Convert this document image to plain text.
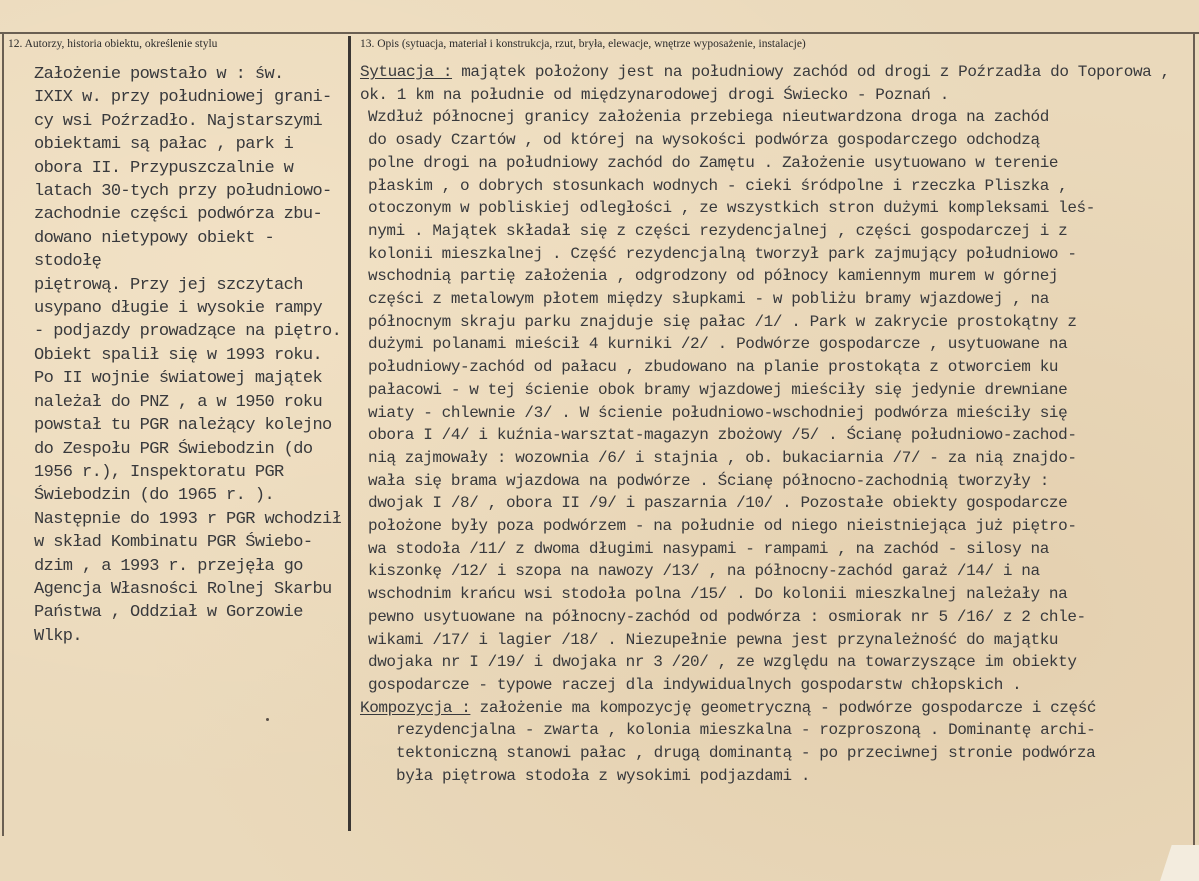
12. Autorzy, historia obiektu, określenie stylu	13. Opis (sytuacja, materiał i konstrukcja, rzut, bryła, elewacje, wnętrze wyposażenie, instalacje)
Założenie powstało w : św.
IXIX w. przy południowej grani-
cy wsi Poźrzadło. Najstarszymi
obiektami są pałac , park i
obora II. Przypuszczalnie w
latach 30-tych przy południowo-
zachodnie części podwórza zbu-
dowano nietypowy obiekt - stodołę
piętrową. Przy jej szczytach
usypano długie i wysokie rampy
- podjazdy prowadzące na piętro.
Obiekt spalił się w 1993 roku.
Po II wojnie światowej majątek
należał do PNZ , a w 1950 roku
powstał tu PGR należący kolejno
do Zespołu PGR Świebodzin (do
1956 r.), Inspektoratu PGR
Świebodzin (do 1965 r. ).
Następnie do 1993 r PGR wchodził
w skład Kombinatu PGR Świebo-
dzim , a 1993 r. przejęła go
Agencja Własności Rolnej Skarbu
Państwa , Oddział w Gorzowie
Wlkp.
Sytuacja : majątek położony jest na południowy zachód od drogi z Poźrzadła do Toporowa , ok. 1 km na południe od międzynarodowej drogi Świecko - Poznań .
Wzdłuż północnej granicy założenia przebiega nieutwardzona droga na zachód
do osady Czartów , od której na wysokości podwórza gospodarczego odchodzą
polne drogi na południowy zachód do Zamętu . Założenie usytuowano w terenie
płaskim , o dobrych stosunkach wodnych - cieki śródpolne i rzeczka Pliszka ,
otoczonym w pobliskiej odległości , ze wszystkich stron dużymi kompleksami leś-
nymi . Majątek składał się z części rezydencjalnej , części gospodarczej i z
kolonii mieszkalnej . Część rezydencjalną tworzył park zajmujący południowo -
wschodnią partię założenia , odgrodzony od północy kamiennym murem w górnej
części z metalowym płotem między słupkami - w pobliżu bramy wjazdowej , na
północnym skraju parku znajduje się pałac /1/ . Park w zakrycie prostokątny z
dużymi polanami mieścił 4 kurniki /2/ . Podwórze gospodarcze , usytuowane na
południowy-zachód od pałacu , zbudowano na planie prostokąta z otworciem ku
pałacowi - w tej ścienie obok bramy wjazdowej mieściły się jedynie drewniane
wiaty - chlewnie /3/ . W ścienie południowo-wschodniej podwórza mieściły się
obora I /4/ i kuźnia-warsztat-magazyn zbożowy /5/ . Ścianę południowo-zachod-
nią zajmowały : wozownia /6/ i stajnia , ob. bukaciarnia /7/ - za nią znajdo-
wała się brama wjazdowa na podwórze . Ścianę północno-zachodnią tworzyły :
dwojak I /8/ , obora II /9/ i paszarnia /10/ . Pozostałe obiekty gospodarcze
położone były poza podwórzem - na południe od niego nieistniejąca już piętro-
wa stodoła /11/ z dwoma długimi nasypami - rampami , na zachód - silosy na
kiszonkę /12/ i szopa na nawozy /13/ , na północny-zachód garaż /14/ i na
wschodnim krańcu wsi stodoła polna /15/ . Do kolonii mieszkalnej należały na
pewno usytuowane na północny-zachód od podwórza : osmiorak nr 5 /16/ z 2 chle-
wikami /17/ i lagier /18/ . Niezupełnie pewna jest przynależność do majątku
dwojaka nr I /19/ i dwojaka nr 3 /20/ , ze względu na towarzyszące im obiekty
gospodarcze - typowe raczej dla indywidualnych gospodarstw chłopskich .
Kompozycja : założenie ma kompozycję geometryczną - podwórze gospodarcze i część
rezydencjalna - zwarta , kolonia mieszkalna - rozproszoną . Dominantę archi-
tektoniczną stanowi pałac , drugą dominantą - po przeciwnej stronie podwórza
była piętrowa stodoła z wysokimi podjazdami .
